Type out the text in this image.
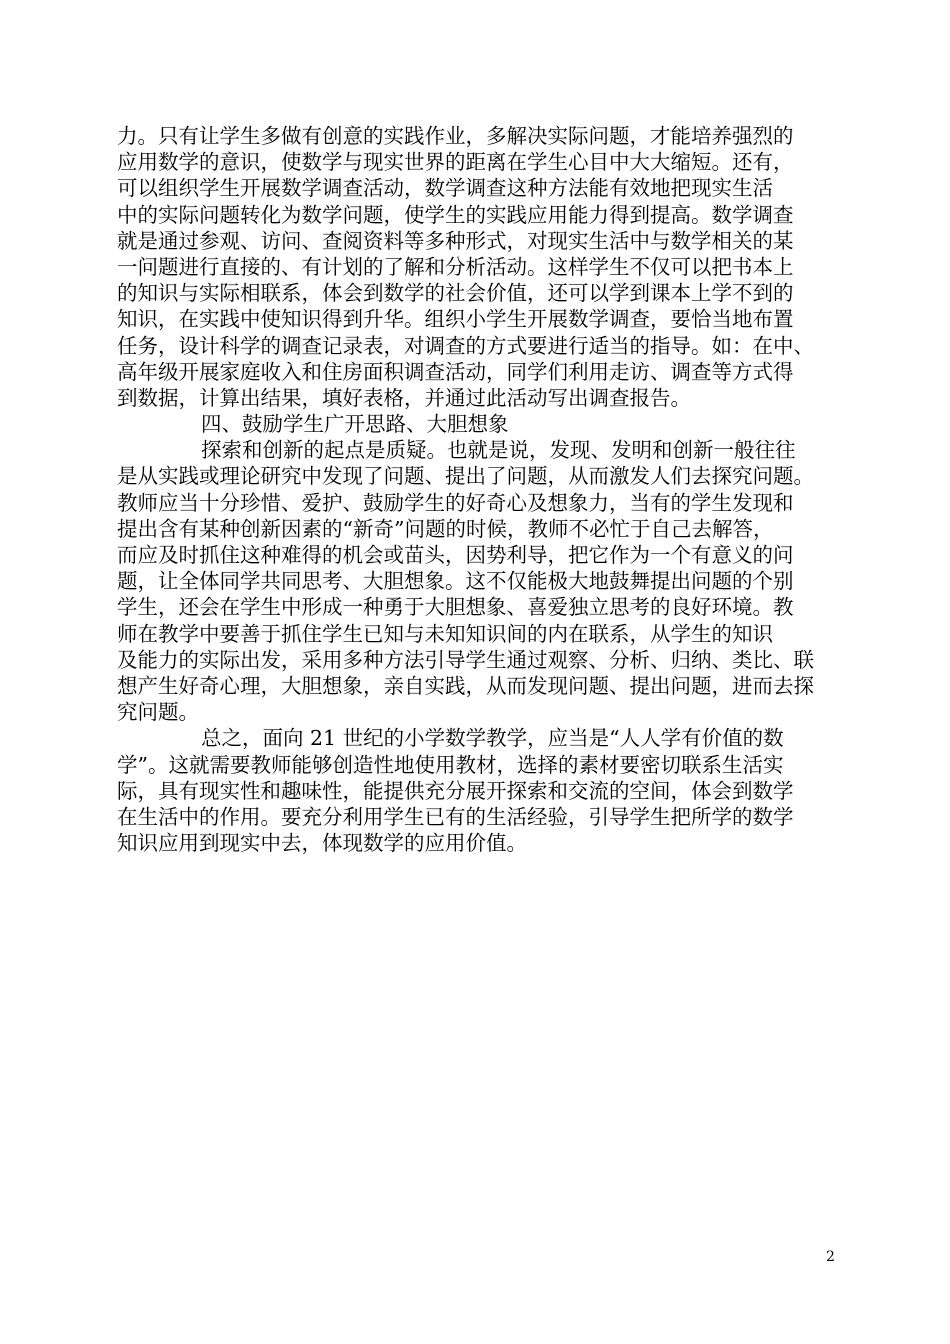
力。只有让学生多做有创意的实践作业，多解决实际问题，才能培养强烈的
应用数学的意识，使数学与现实世界的距离在学生心目中大大缩短。还有，
可以组织学生开展数学调查活动，数学调查这种方法能有效地把现实生活
中的实际问题转化为数学问题，使学生的实践应用能力得到提高。数学调查
就是通过参观、访问、查阅资料等多种形式，对现实生活中与数学相关的某
一问题进行直接的、有计划的了解和分析活动。这样学生不仅可以把书本上
的知识与实际相联系，体会到数学的社会价值，还可以学到课本上学不到的
知识，在实践中使知识得到升华。组织小学生开展数学调查，要恰当地布置
任务，设计科学的调查记录表，对调查的方式要进行适当的指导。如：在中、
高年级开展家庭收入和住房面积调查活动，同学们利用走访、调查等方式得
到数据，计算出结果，填好表格，并通过此活动写出调查报告。
四、鼓励学生广开思路、大胆想象
探索和创新的起点是质疑。也就是说，发现、发明和创新一般往往
是从实践或理论研究中发现了问题、提出了问题，从而激发人们去探究问题。
教师应当十分珍惜、爱护、鼓励学生的好奇心及想象力，当有的学生发现和
提出含有某种创新因素的“新奇”问题的时候，教师不必忙于自己去解答，
而应及时抓住这种难得的机会或苗头，因势利导，把它作为一个有意义的问
题，让全体同学共同思考、大胆想象。这不仅能极大地鼓舞提出问题的个别
学生，还会在学生中形成一种勇于大胆想象、喜爱独立思考的良好环境。教
师在教学中要善于抓住学生已知与未知知识间的内在联系，从学生的知识
及能力的实际出发，采用多种方法引导学生通过观察、分析、归纳、类比、联
想产生好奇心理，大胆想象，亲自实践，从而发现问题、提出问题，进而去探
究问题。
总之，面向 21 世纪的小学数学教学，应当是“人人学有价值的数
学”。这就需要教师能够创造性地使用教材，选择的素材要密切联系生活实
际，具有现实性和趣味性，能提供充分展开探索和交流的空间，体会到数学
在生活中的作用。要充分利用学生已有的生活经验，引导学生把所学的数学
知识应用到现实中去，体现数学的应用价值。
2
